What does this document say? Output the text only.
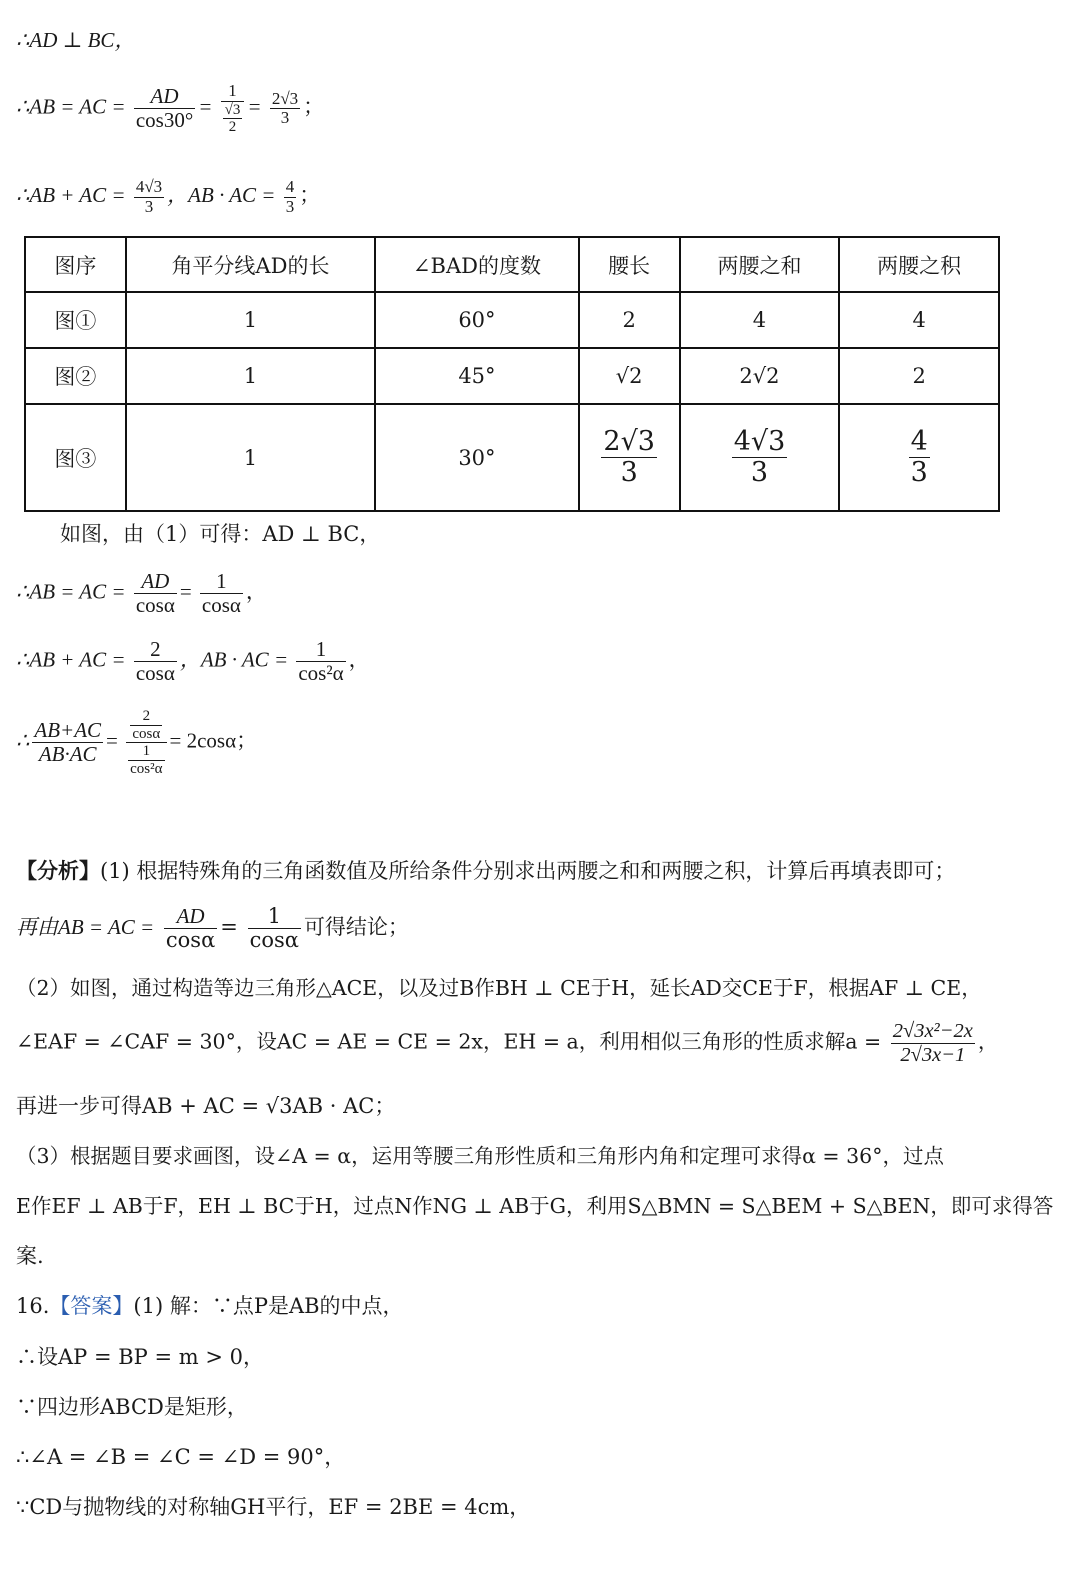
∴AD ⊥ BC，
∴AB = AC = $\frac{AD}{\cos 30^\circ} = 1$
√3
$2 = \frac{2√3}{3}$ ；
∴AB + AC = $\frac{4√3}{3}$ ，AB · AC = $\frac{4}{3}$ ；
图序	角平分线AD的长	∠BAD的度数	腰长	两腰之和	两腰之积
图①	1	60°	2	4	4
图②	1	45°	√2	2√2	2
图③	1	30°	$\frac{2√3}{3}$	$\frac{4√3}{3}$	$\frac{4}{3}$
如图，由（1）可得：AD ⊥ BC，
∴AB = AC = $\frac{AD}{\cos\alpha} = \frac{1}{\cos\alpha}$ ，
∴AB + AC = $\frac{2}{\cos\alpha}$ ，AB · AC = $\frac{1}{\text{cos²α}}$ ，
∴ $\frac{AB+AC}{AB\cdot AC} = \frac{\frac{2}{\cos\alpha}}{\frac{1}{\text{cos²α}}} = 2\cos\alpha$；
【分析】(1) 根据特殊角的三角函数值及所给条件分别求出两腰之和和两腰之积，计算后再填表即可；
再由AB = AC = $\frac{AD}{\cos\alpha} = \frac{1}{\cos\alpha}$ 可得结论；
（2）如图，通过构造等边三角形△ACE，以及过B作BH ⊥ CE于H，延长AD交CE于F，根据AF ⊥ CE，
∠EAF = ∠CAF = 30°，设AC = AE = CE = 2x，EH = a，利用相似三角形的性质求解$a = \frac{\text{2√3x²−2x}}{2√3x-1}$ ，
再进一步可得AB + AC = √3AB · AC；
（3）根据题目要求画图，设∠A = α，运用等腰三角形性质和三角形内角和定理可求得α = 36°，过点
E作EF ⊥ AB于F，EH ⊥ BC于H，过点N作NG ⊥ AB于G，利用S△BMN = S△BEM + S△BEN，即可求得答
案.
16.【答案】(1) 解：∵点P是AB的中点，
∴设AP = BP = m > 0，
∵四边形ABCD是矩形，
∴∠A = ∠B = ∠C = ∠D = 90°，
∵CD与抛物线的对称轴GH平行，EF = 2BE = 4cm，
